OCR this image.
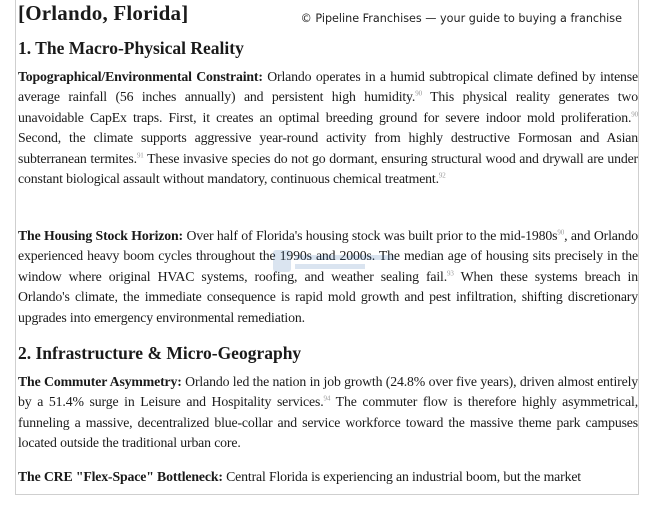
© Pipeline Franchises — your guide to buying a franchise
[Orlando, Florida]
1. The Macro-Physical Reality

Topographical/Environmental Constraint: Orlando operates in a humid subtropical climate defined by intense average rainfall (56 inches annually) and persistent high humidity.$^{90}$ This physical reality generates two unavoidable CapEx traps. First, it creates an optimal breeding ground for severe indoor mold proliferation.$^{90}$ Second, the climate supports aggressive year-round activity from highly destructive Formosan and Asian subterranean termites.$^{91}$ These invasive species do not go dormant, ensuring structural wood and drywall are under constant biological assault without mandatory, continuous chemical treatment.$^{92}$

The Housing Stock Horizon: Over half of Florida's housing stock was built prior to the mid-$1980s^{90}$, and Orlando experienced heavy boom cycles throughout the 1990s and 2000s. The median age of housing sits precisely in the window where original HVAC systems, roofing, and weather sealing fail.$^{93}$ When these systems breach in Orlando's climate, the immediate consequence is rapid mold growth and pest infiltration, shifting discretionary upgrades into emergency environmental remediation.

2. Infrastructure & Micro-Geography

The Commuter Asymmetry: Orlando led the nation in job growth (24.8% over five years), driven almost entirely by a 51.4% surge in Leisure and Hospitality services.$^{94}$ The commuter flow is therefore highly asymmetrical, funneling a massive, decentralized blue-collar and service workforce toward the massive theme park campuses located outside the traditional urban core.

The CRE "Flex-Space" Bottleneck: Central Florida is experiencing an industrial boom, but the market
